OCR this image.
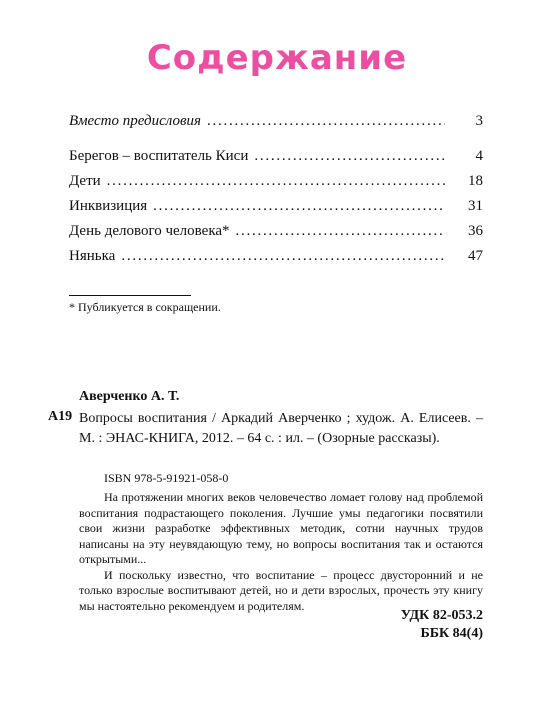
Содержание
Вместо предисловия . . .	3
Берегов – воспитатель Киси . . .	4
Дети . . .	18
Инквизиция . . .	31
День делового человека* . . .	36
Нянька . . .	47
* Публикуется в сокращении.
Аверченко А. Т.
А19 Вопросы воспитания / Аркадий Аверченко ; худож. А. Елисеев. – М. : ЭНАС-КНИГА, 2012. – 64 с. : ил. – (Озорные рассказы).
ISBN 978-5-91921-058-0

На протяжении многих веков человечество ломает голову над проблемой воспитания подрастающего поколения. Лучшие умы педагогики посвятили свои жизни разработке эффективных методик, сотни научных трудов написаны на эту неувядающую тему, но вопросы воспитания так и остаются открытыми...

И поскольку известно, что воспитание – процесс двусторонний и не только взрослые воспитывают детей, но и дети взрослых, прочесть эту книгу мы настоятельно рекомендуем и родителям.

УДК 82-053.2
ББК 84(4)
